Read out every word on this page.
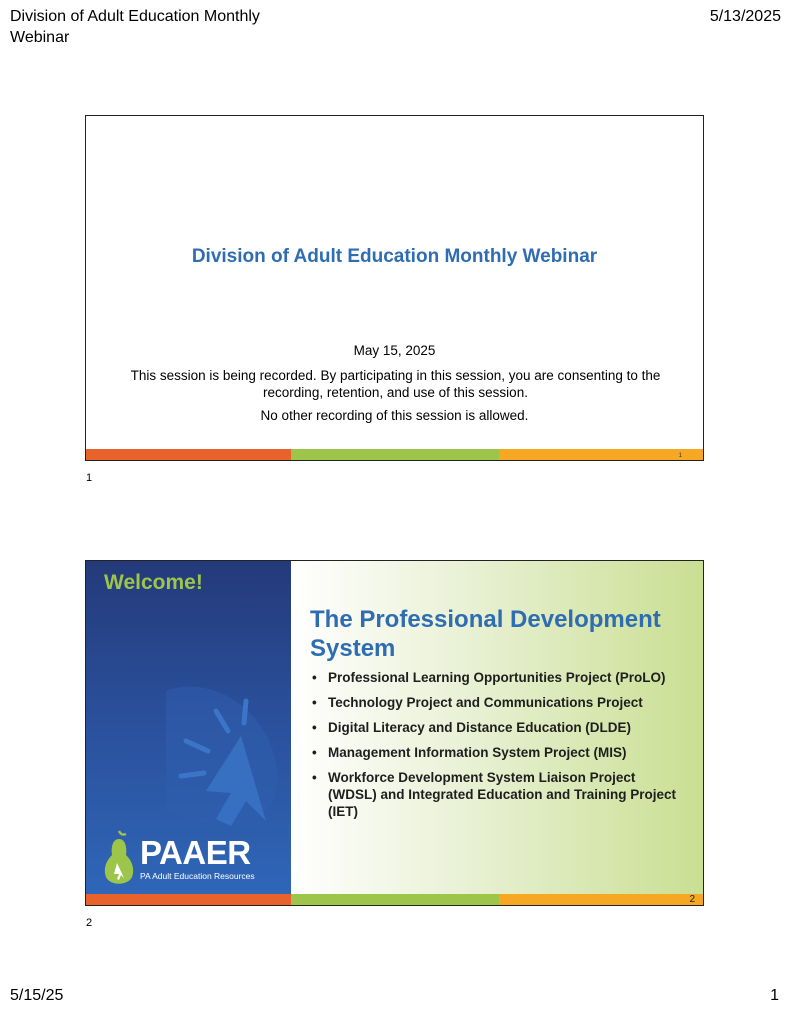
Division of Adult Education Monthly Webinar
5/13/2025
Division of Adult Education Monthly Webinar
May 15, 2025
This session is being recorded. By participating in this session, you are consenting to the recording, retention, and use of this session.
No other recording of this session is allowed.
1
1
Welcome!
PAAER
PA Adult Education Resources
The Professional Development System
• Professional Learning Opportunities Project (ProLO)
• Technology Project and Communications Project
• Digital Literacy and Distance Education (DLDE)
• Management Information System Project (MIS)
• Workforce Development System Liaison Project (WDSL) and Integrated Education and Training Project (IET)
2
2
5/15/25	1
